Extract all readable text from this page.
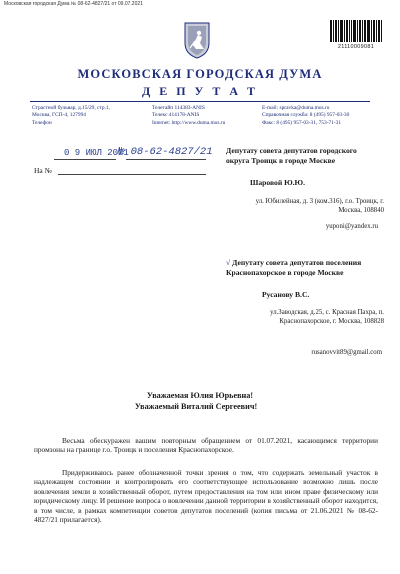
Московская городская Дума № 08-62-4827/21 от 09.07.2021
21110009081
МОСКОВСКАЯ ГОРОДСКАЯ ДУМА
Д Е П У Т А Т
Страстной бульвар, д.15/29, стр.1,
Москва, ГСП-4, 127994
Телефон
Телетайп 114383-ANIS
Телекс 414178-ANIS
Internet: http://www.duma.mos.ru
E-mail: spravka@duma.mos.ru
Справочная служба: 8 (495) 957-03-30
Факс: 8 (495) 957-03-31, 753-71-31
0 9 ИЮЛ 2021
№ 08-62-4827/21
На №
Депутату совета депутатов городского округа Троицк в городе Москве
Шаровой Ю.Ю.
ул. Юбилейная, д. 3 (ком.316), г.о. Троицк, г. Москва, 108840
yuponi@yandex.ru
√ Депутату совета депутатов поселения Краснопахорское в городе Москве
Русанову В.С.
ул.Заводская, д.25, с. Красная Пахра, п. Краснопахорское, г. Москва, 108828
rusanovvit89@gmail.com
Уважаемая Юлия Юрьевна!
Уважаемый Виталий Сергеевич!
Весьма обескуражен вашим повторным обращением от 01.07.2021, касающимся территории промзоны на границе г.о. Троицк и поселения Краснопахорское.
Придерживаюсь ранее обозначенной точки зрения о том, что содержать земельный участок в надлежащем состоянии и контролировать его соответствующее использование возможно лишь после вовлечения земли в хозяйственный оборот, путем предоставления на том или ином праве физическому или юридическому лицу. И решение вопроса о вовлечении данной территории в хозяйственный оборот находится, в том числе, в рамках компетенции советов депутатов поселений (копия письма от 21.06.2021 № 08-62-4827/21 прилагается).
